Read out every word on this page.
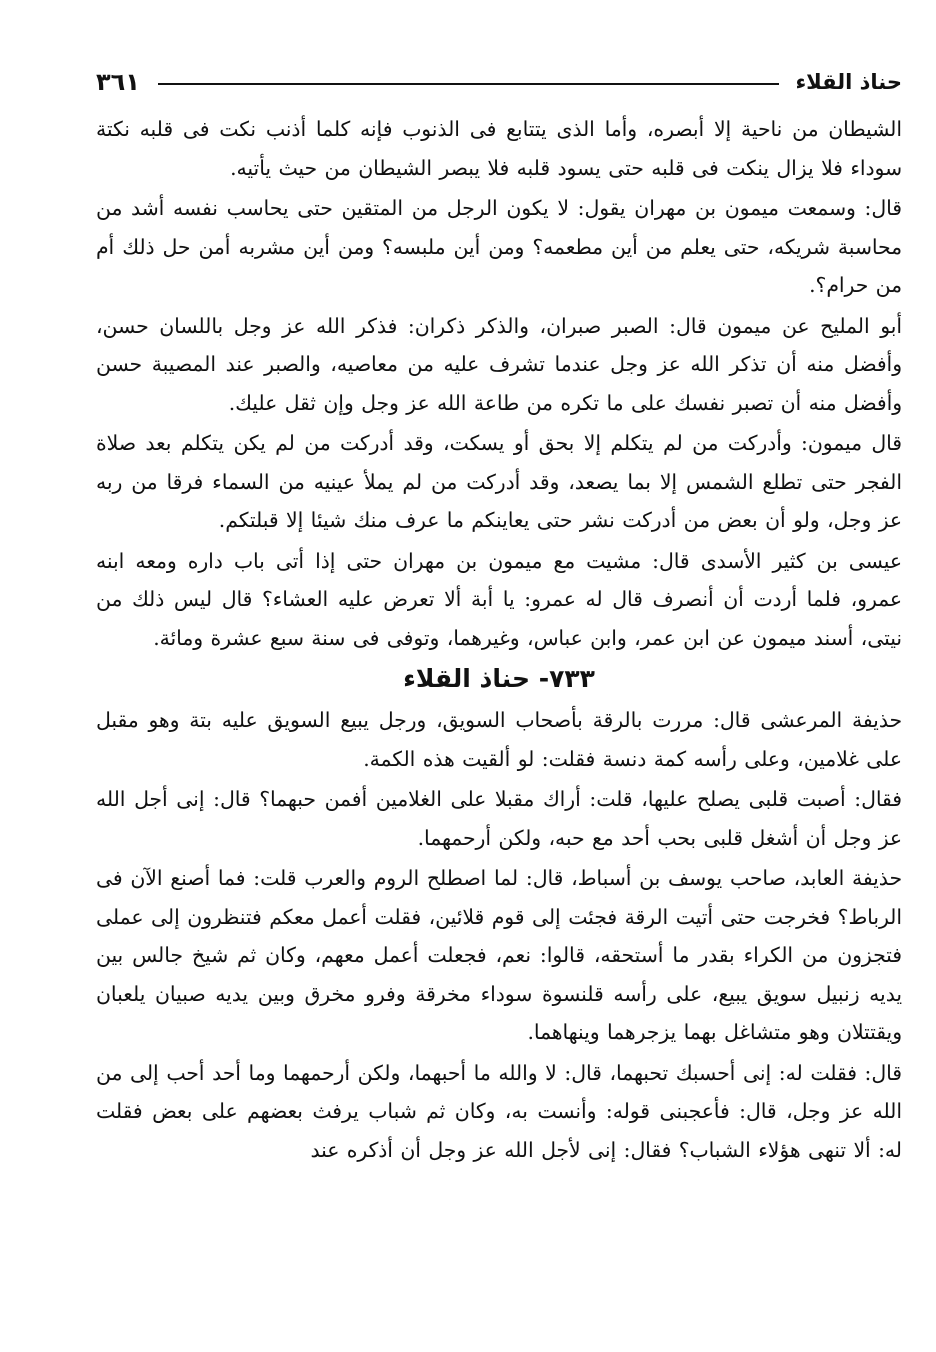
حناذ القلاء
٣٦١

الشيطان من ناحية إلا أبصره، وأما الذى يتتابع فى الذنوب فإنه كلما أذنب نكت فى قلبه نكتة سوداء فلا يزال ينكت فى قلبه حتى يسود قلبه فلا يبصر الشيطان من حيث يأتيه.

قال: وسمعت ميمون بن مهران يقول: لا يكون الرجل من المتقين حتى يحاسب نفسه أشد من محاسبة شريكه، حتى يعلم من أين مطعمه؟ ومن أين ملبسه؟ ومن أين مشربه أمن حل ذلك أم من حرام؟.

أبو المليح عن ميمون قال: الصبر صبران، والذكر ذكران: فذكر الله عز وجل باللسان حسن، وأفضل منه أن تذكر الله عز وجل عندما تشرف عليه من معاصيه، والصبر عند المصيبة حسن وأفضل منه أن تصبر نفسك على ما تكره من طاعة الله عز وجل وإن ثقل عليك.

قال ميمون: وأدركت من لم يتكلم إلا بحق أو يسكت، وقد أدركت من لم يكن يتكلم بعد صلاة الفجر حتى تطلع الشمس إلا بما يصعد، وقد أدركت من لم يملأ عينيه من السماء فرقا من ربه عز وجل، ولو أن بعض من أدركت نشر حتى يعاينكم ما عرف منك شيئا إلا قبلتكم.

عيسى بن كثير الأسدى قال: مشيت مع ميمون بن مهران حتى إذا أتى باب داره ومعه ابنه عمرو، فلما أردت أن أنصرف قال له عمرو: يا أبة ألا تعرض عليه العشاء؟ قال ليس ذلك من نيتى، أسند ميمون عن ابن عمر، وابن عباس، وغيرهما، وتوفى فى سنة سبع عشرة ومائة.

٧٣٣- حناذ القلاء

حذيفة المرعشى قال: مررت بالرقة بأصحاب السويق، ورجل يبيع السويق عليه بتة وهو مقبل على غلامين، وعلى رأسه كمة دنسة فقلت: لو ألقيت هذه الكمة.

فقال: أصبت قلبى يصلح عليها، قلت: أراك مقبلا على الغلامين أفمن حبهما؟ قال: إنى أجل الله عز وجل أن أشغل قلبى بحب أحد مع حبه، ولكن أرحمهما.

حذيفة العابد، صاحب يوسف بن أسباط، قال: لما اصطلح الروم والعرب قلت: فما أصنع الآن فى الرباط؟ فخرجت حتى أتيت الرقة فجئت إلى قوم قلائين، فقلت أعمل معكم فتنظرون إلى عملى فتجزون من الكراء بقدر ما أستحقه، قالوا: نعم، فجعلت أعمل معهم، وكان ثم شيخ جالس بين يديه زنبيل سويق يبيع، على رأسه قلنسوة سوداء مخرقة وفرو مخرق وبين يديه صبيان يلعبان ويقتتلان وهو متشاغل بهما يزجرهما وينهاهما.

قال: فقلت له: إنى أحسبك تحبهما، قال: لا والله ما أحبهما، ولكن أرحمهما وما أحد أحب إلى من الله عز وجل، قال: فأعجبنى قوله: وأنست به، وكان ثم شباب يرفث بعضهم على بعض فقلت له: ألا تنهى هؤلاء الشباب؟ فقال: إنى لأجل الله عز وجل أن أذكره عند
